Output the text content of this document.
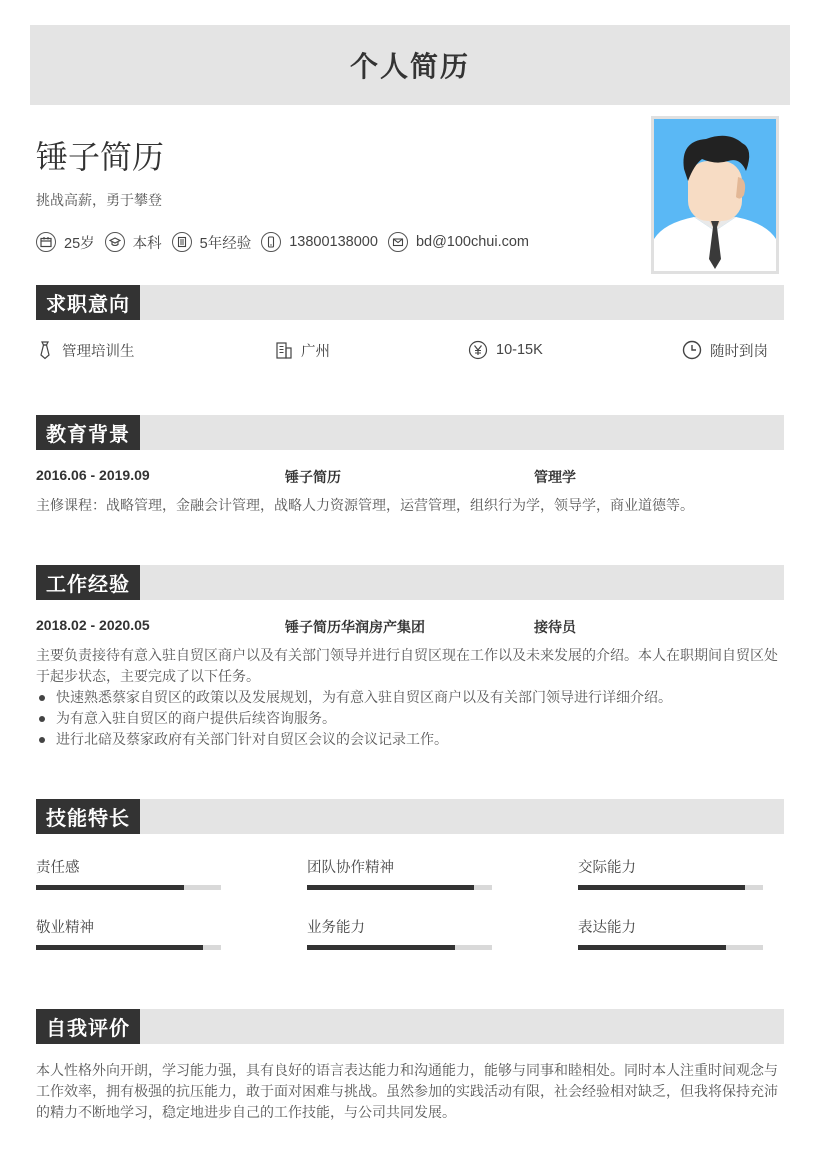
个人简历
锤子简历
挑战高薪，勇于攀登
25岁	本科	5年经验	13800138000	bd@100chui.com
求职意向
管理培训生	广州	10-15K	随时到岗
教育背景
2016.06 - 2019.09	锤子简历	管理学
主修课程：战略管理，金融会计管理，战略人力资源管理，运营管理，组织行为学，领导学，商业道德等。
工作经验
2018.02 - 2020.05	锤子简历华润房产集团	接待员
主要负责接待有意入驻自贸区商户以及有关部门领导并进行自贸区现在工作以及未来发展的介绍。本人在职期间自贸区处于起步状态，主要完成了以下任务。
快速熟悉蔡家自贸区的政策以及发展规划，为有意入驻自贸区商户以及有关部门领导进行详细介绍。
为有意入驻自贸区的商户提供后续咨询服务。
进行北碚及蔡家政府有关部门针对自贸区会议的会议记录工作。
技能特长
责任感	团队协作精神	交际能力
敬业精神	业务能力	表达能力
自我评价
本人性格外向开朗，学习能力强，具有良好的语言表达能力和沟通能力，能够与同事和睦相处。同时本人注重时间观念与工作效率，拥有极强的抗压能力，敢于面对困难与挑战。虽然参加的实践活动有限，社会经验相对缺乏，但我将保持充沛的精力不断地学习，稳定地进步自己的工作技能，与公司共同发展。
